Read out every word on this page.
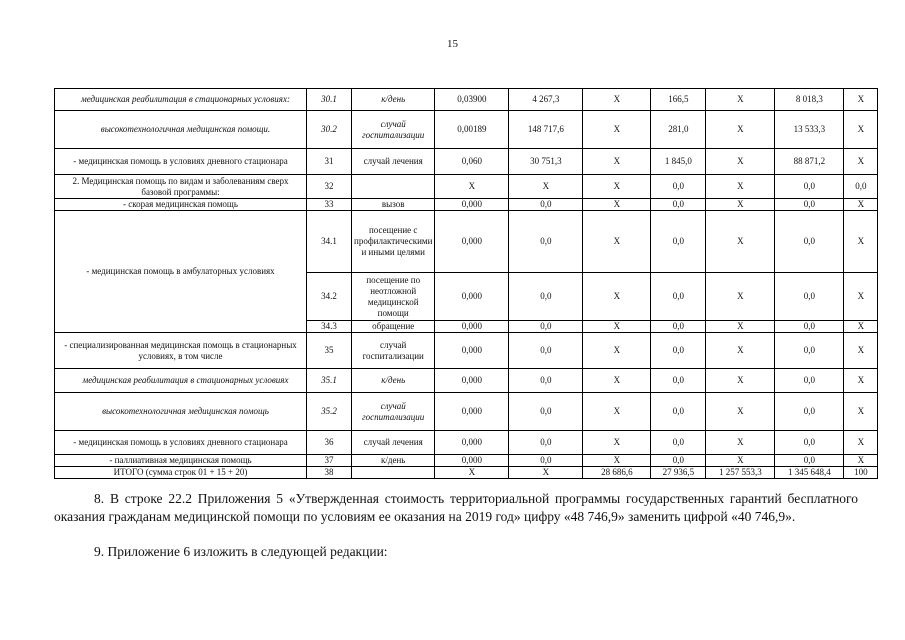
15
медицинская реабилитация в стационарных условиях:	30.1	к/день	0,03900	4 267,3	X	166,5	X	8 018,3	X
высокотехнологичная медицинская помощи.	30.2	случай госпитализации	0,00189	148 717,6	X	281,0	X	13 533,3	X
- медицинская помощь в условиях дневного стационара	31	случай лечения	0,060	30 751,3	X	1 845,0	X	88 871,2	X
2. Медицинская помощь по видам и заболеваниям сверх базовой программы:	32		X	X	X	0,0	X	0,0	0,0
- скорая медицинская помощь	33	вызов	0,000	0,0	X	0,0	X	0,0	X
- медицинская помощь в амбулаторных условиях	34.1	посещение с профилактическими и иными целями	0,000	0,0	X	0,0	X	0,0	X
	34.2	посещение по неотложной медицинской помощи	0,000	0,0	X	0,0	X	0,0	X
	34.3	обращение	0,000	0,0	X	0,0	X	0,0	X
- специализированная медицинская помощь в стационарных условиях, в том числе	35	случай госпитализации	0,000	0,0	X	0,0	X	0,0	X
медицинская реабилитация в стационарных условиях	35.1	к/день	0,000	0,0	X	0,0	X	0,0	X
высокотехнологичная медицинская помощь	35.2	случай госпитализации	0,000	0,0	X	0,0	X	0,0	X
- медицинская помощь в условиях дневного стационара	36	случай лечения	0,000	0,0	X	0,0	X	0,0	X
- паллиативная медицинская помощь	37	к/день	0,000	0,0	X	0,0	X	0,0	X
ИТОГО (сумма строк 01 + 15 + 20)	38		X	X	28 686,6	27 936,5	1 257 553,3	1 345 648,4	100

8. В строке 22.2 Приложения 5 «Утвержденная стоимость территориальной программы государственных гарантий бесплатного оказания гражданам медицинской помощи по условиям ее оказания на 2019 год» цифру «48 746,9» заменить цифрой «40 746,9».

9. Приложение 6 изложить в следующей редакции:
